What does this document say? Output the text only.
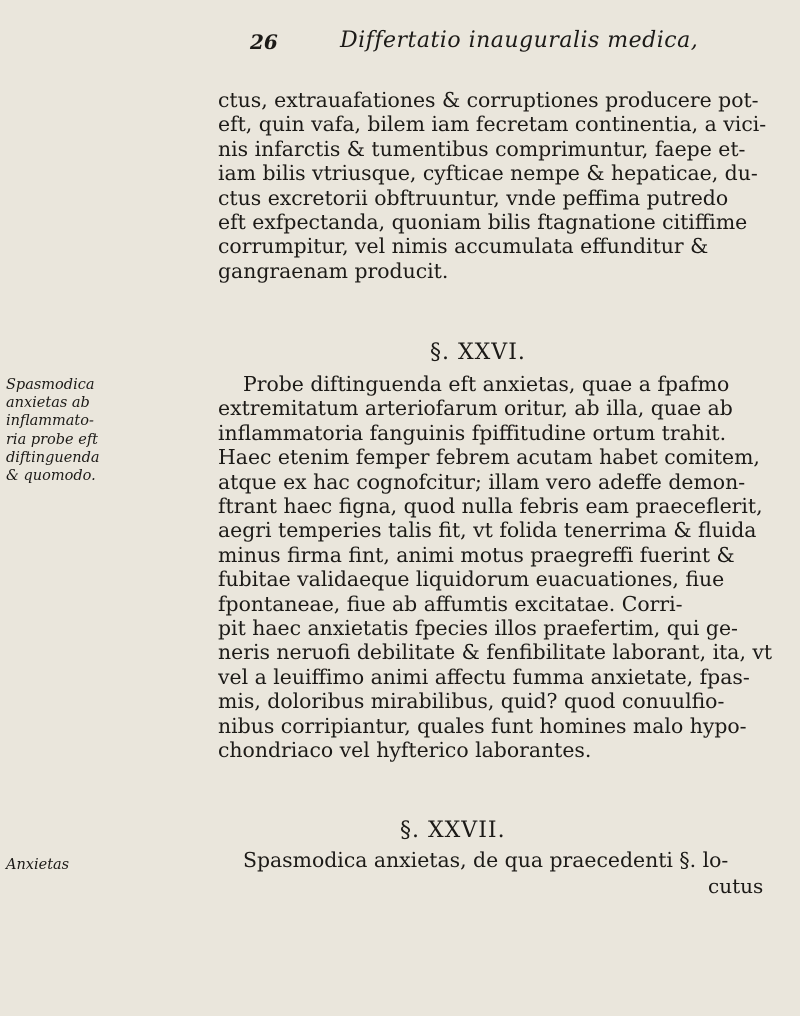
26	Differtatio inauguralis medica,
ctus, extrauafationes & corruptiones producere pot-
eft, quin vafa, bilem iam fecretam continentia, a vici-
nis infarctis & tumentibus comprimuntur, faepe et-
iam bilis vtriusque, cyfticae nempe & hepaticae, du-
ctus excretorii obftruuntur, vnde peffima putredo
eft exfpectanda, quoniam bilis ftagnatione citiffime
corrumpitur, vel nimis accumulata effunditur &
gangraenam producit.
§. XXVI.
Spasmodica
anxietas ab
inflammato-
ria probe eft
diftinguenda
& quomodo.
Probe diftinguenda eft anxietas, quae a fpafmo
extremitatum arteriofarum oritur, ab illa, quae ab
inflammatoria fanguinis fpiffitudine ortum trahit.
Haec etenim femper febrem acutam habet comitem,
atque ex hac cognofcitur; illam vero adeffe demon-
ftrant haec figna, quod nulla febris eam praeceflerit,
aegri temperies talis fit, vt folida tenerrima & fluida
minus firma fint, animi motus praegreffi fuerint &
fubitae validaeque liquidorum euacuationes, fiue
fpontaneae, fiue ab affumtis excitatae. Corri-
pit haec anxietatis fpecies illos praefertim, qui ge-
neris neruofi debilitate & fenfibilitate laborant, ita, vt
vel a leuiffimo animi affectu fumma anxietate, fpas-
mis, doloribus mirabilibus, quid? quod conuulfio-
nibus corripiantur, quales funt homines malo hypo-
chondriaco vel hyfterico laborantes.
§. XXVII.
Anxietas	Spasmodica anxietas, de qua praecedenti §. lo-
cutus
